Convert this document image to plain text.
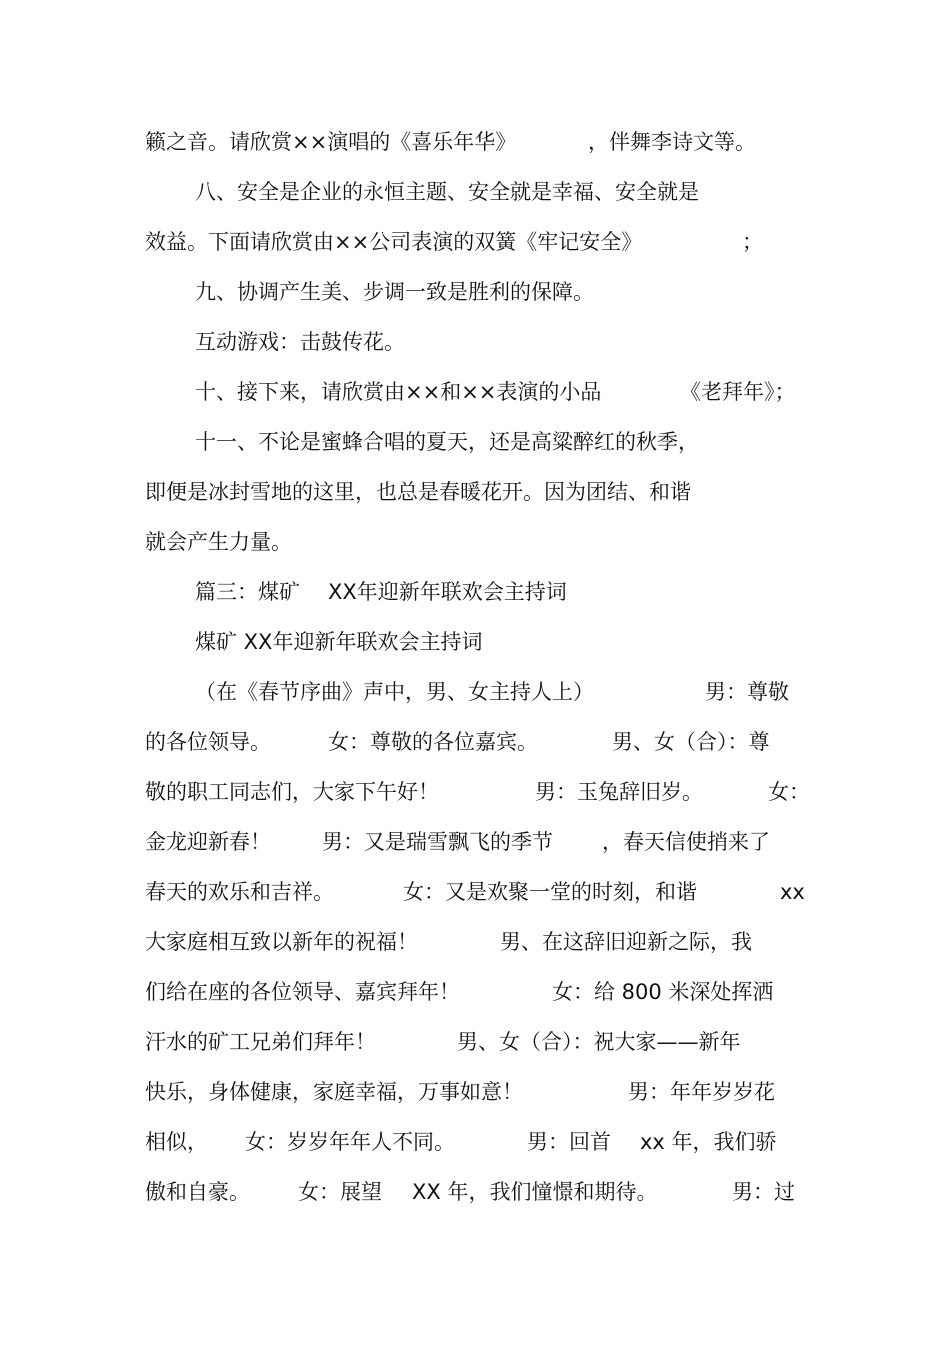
籁之音。请欣赏××演唱的《喜乐年华》

	，伴舞李诗文等。

八、安全是企业的永恒主题、安全就是幸福、安全就是

效益。下面请欣赏由××公司表演的双簧《牢记安全》

	；

九、协调产生美、步调一致是胜利的保障。

互动游戏：击鼓传花。

十、接下来，请欣赏由××和××表演的小品

	《老拜年》；

十一、不论是蜜蜂合唱的夏天，还是高粱醉红的秋季，

即便是冰封雪地的这里，也总是春暖花开。因为团结、和谐

就会产生力量。

篇三：煤矿

XX年迎新年联欢会主持词

煤矿 XX年迎新年联欢会主持词

（在《春节序曲》声中，男、女主持人上）

	男：尊敬

的各位领导。

	女：尊敬的各位嘉宾。

	男、女（合）：尊

敬的职工同志们，大家下午好！

	男：玉兔辞旧岁。

	女：

金龙迎新春！

男：又是瑞雪飘飞的季节

，春天信使捎来了

春天的欢乐和吉祥。

	女：又是欢聚一堂的时刻，和谐

	xx

大家庭相互致以新年的祝福！

	男、在这辞旧迎新之际，我

们给在座的各位领导、嘉宾拜年！

	女：给 800 米深处挥洒

汗水的矿工兄弟们拜年！

	男、女（合）：祝大家——新年

快乐，身体健康，家庭幸福，万事如意！

	男：年年岁岁花

相似，

女：岁岁年年人不同。

	男：回首

xx 年，我们骄

傲和自豪。

女：展望

XX 年，我们憧憬和期待。

	男：过
